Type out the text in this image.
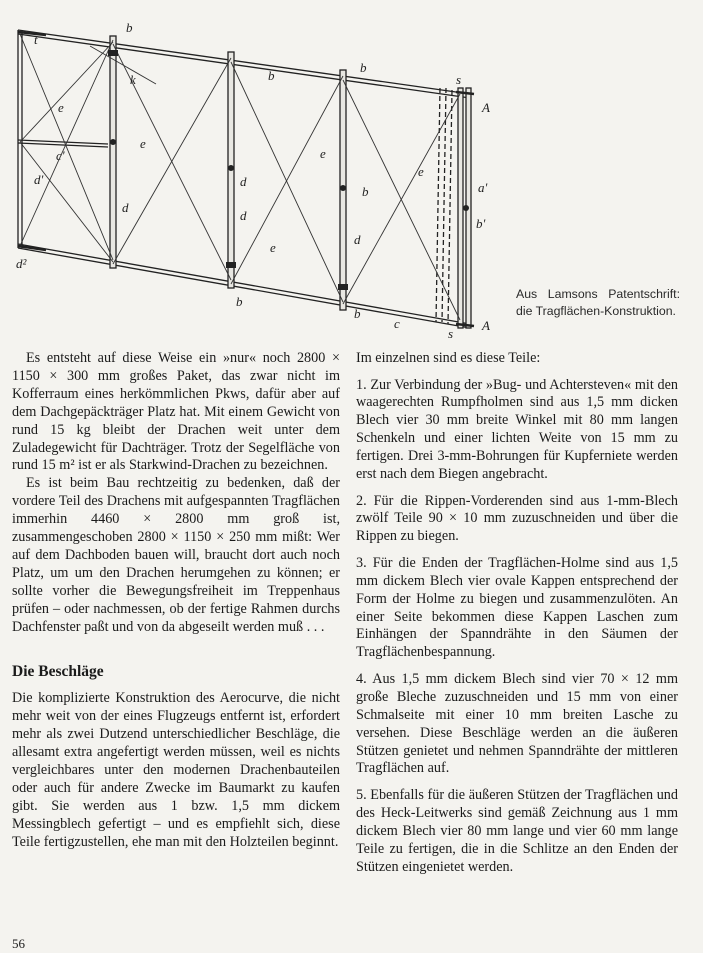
b
t
k
e
e
c'
d'
d
d²
b
b
d
d
e
b
e
d
b
b
c
e
s
A
a'
b'
s
A
Aus Lamsons Patentschrift: die Tragflächen-Konstruktion.

Es entsteht auf diese Weise ein »nur« noch 2800 × 1150 × 300 mm großes Paket, das zwar nicht im Kofferraum eines herkömmlichen Pkws, dafür aber auf dem Dachgepäckträger Platz hat. Mit einem Gewicht von rund 15 kg bleibt der Drachen weit unter dem Zuladegewicht für Dachträger. Trotz der Segelfläche von rund 15 m² ist er als Starkwind-Drachen zu bezeichnen.

Es ist beim Bau rechtzeitig zu bedenken, daß der vordere Teil des Drachens mit aufgespannten Tragflächen immerhin 4460 × 2800 mm groß ist, zusammengeschoben 2800 × 1150 × 250 mm mißt: Wer auf dem Dachboden bauen will, braucht dort auch noch Platz, um um den Drachen herumgehen zu können; er sollte vorher die Bewegungsfreiheit im Treppenhaus prüfen – oder nachmessen, ob der fertige Rahmen durchs Dachfenster paßt und von da abgeseilt werden muß . . .

Die Beschläge

Die komplizierte Konstruktion des Aerocurve, die nicht mehr weit von der eines Flugzeugs entfernt ist, erfordert mehr als zwei Dutzend unterschiedlicher Beschläge, die allesamt extra angefertigt werden müssen, weil es nichts vergleichbares unter den modernen Drachenbauteilen oder auch für andere Zwecke im Baumarkt zu kaufen gibt. Sie werden aus 1 bzw. 1,5 mm dickem Messingblech gefertigt – und es empfiehlt sich, diese Teile fertigzustellen, ehe man mit den Holzteilen beginnt.

Im einzelnen sind es diese Teile:

1. Zur Verbindung der »Bug- und Achtersteven« mit den waagerechten Rumpfholmen sind aus 1,5 mm dicken Blech vier 30 mm breite Winkel mit 80 mm langen Schenkeln und einer lichten Weite von 15 mm zu fertigen. Drei 3-mm-Bohrungen für Kupferniete werden erst nach dem Biegen angebracht.

2. Für die Rippen-Vorderenden sind aus 1-mm-Blech zwölf Teile 90 × 10 mm zuzuschneiden und über die Rippen zu biegen.

3. Für die Enden der Tragflächen-Holme sind aus 1,5 mm dickem Blech vier ovale Kappen entsprechend der Form der Holme zu biegen und zusammenzulöten. An einer Seite bekommen diese Kappen Laschen zum Einhängen der Spanndrähte in den Säumen der Tragflächenbespannung.

4. Aus 1,5 mm dickem Blech sind vier 70 × 12 mm große Bleche zuzuschneiden und 15 mm von einer Schmalseite mit einer 10 mm breiten Lasche zu versehen. Diese Beschläge werden an die äußeren Stützen genietet und nehmen Spanndrähte der mittleren Tragflächen auf.

5. Ebenfalls für die äußeren Stützen der Tragflächen und des Heck-Leitwerks sind gemäß Zeichnung aus 1 mm dickem Blech vier 80 mm lange und vier 60 mm lange Teile zu fertigen, die in die Schlitze an den Enden der Stützen eingenietet werden.

56
